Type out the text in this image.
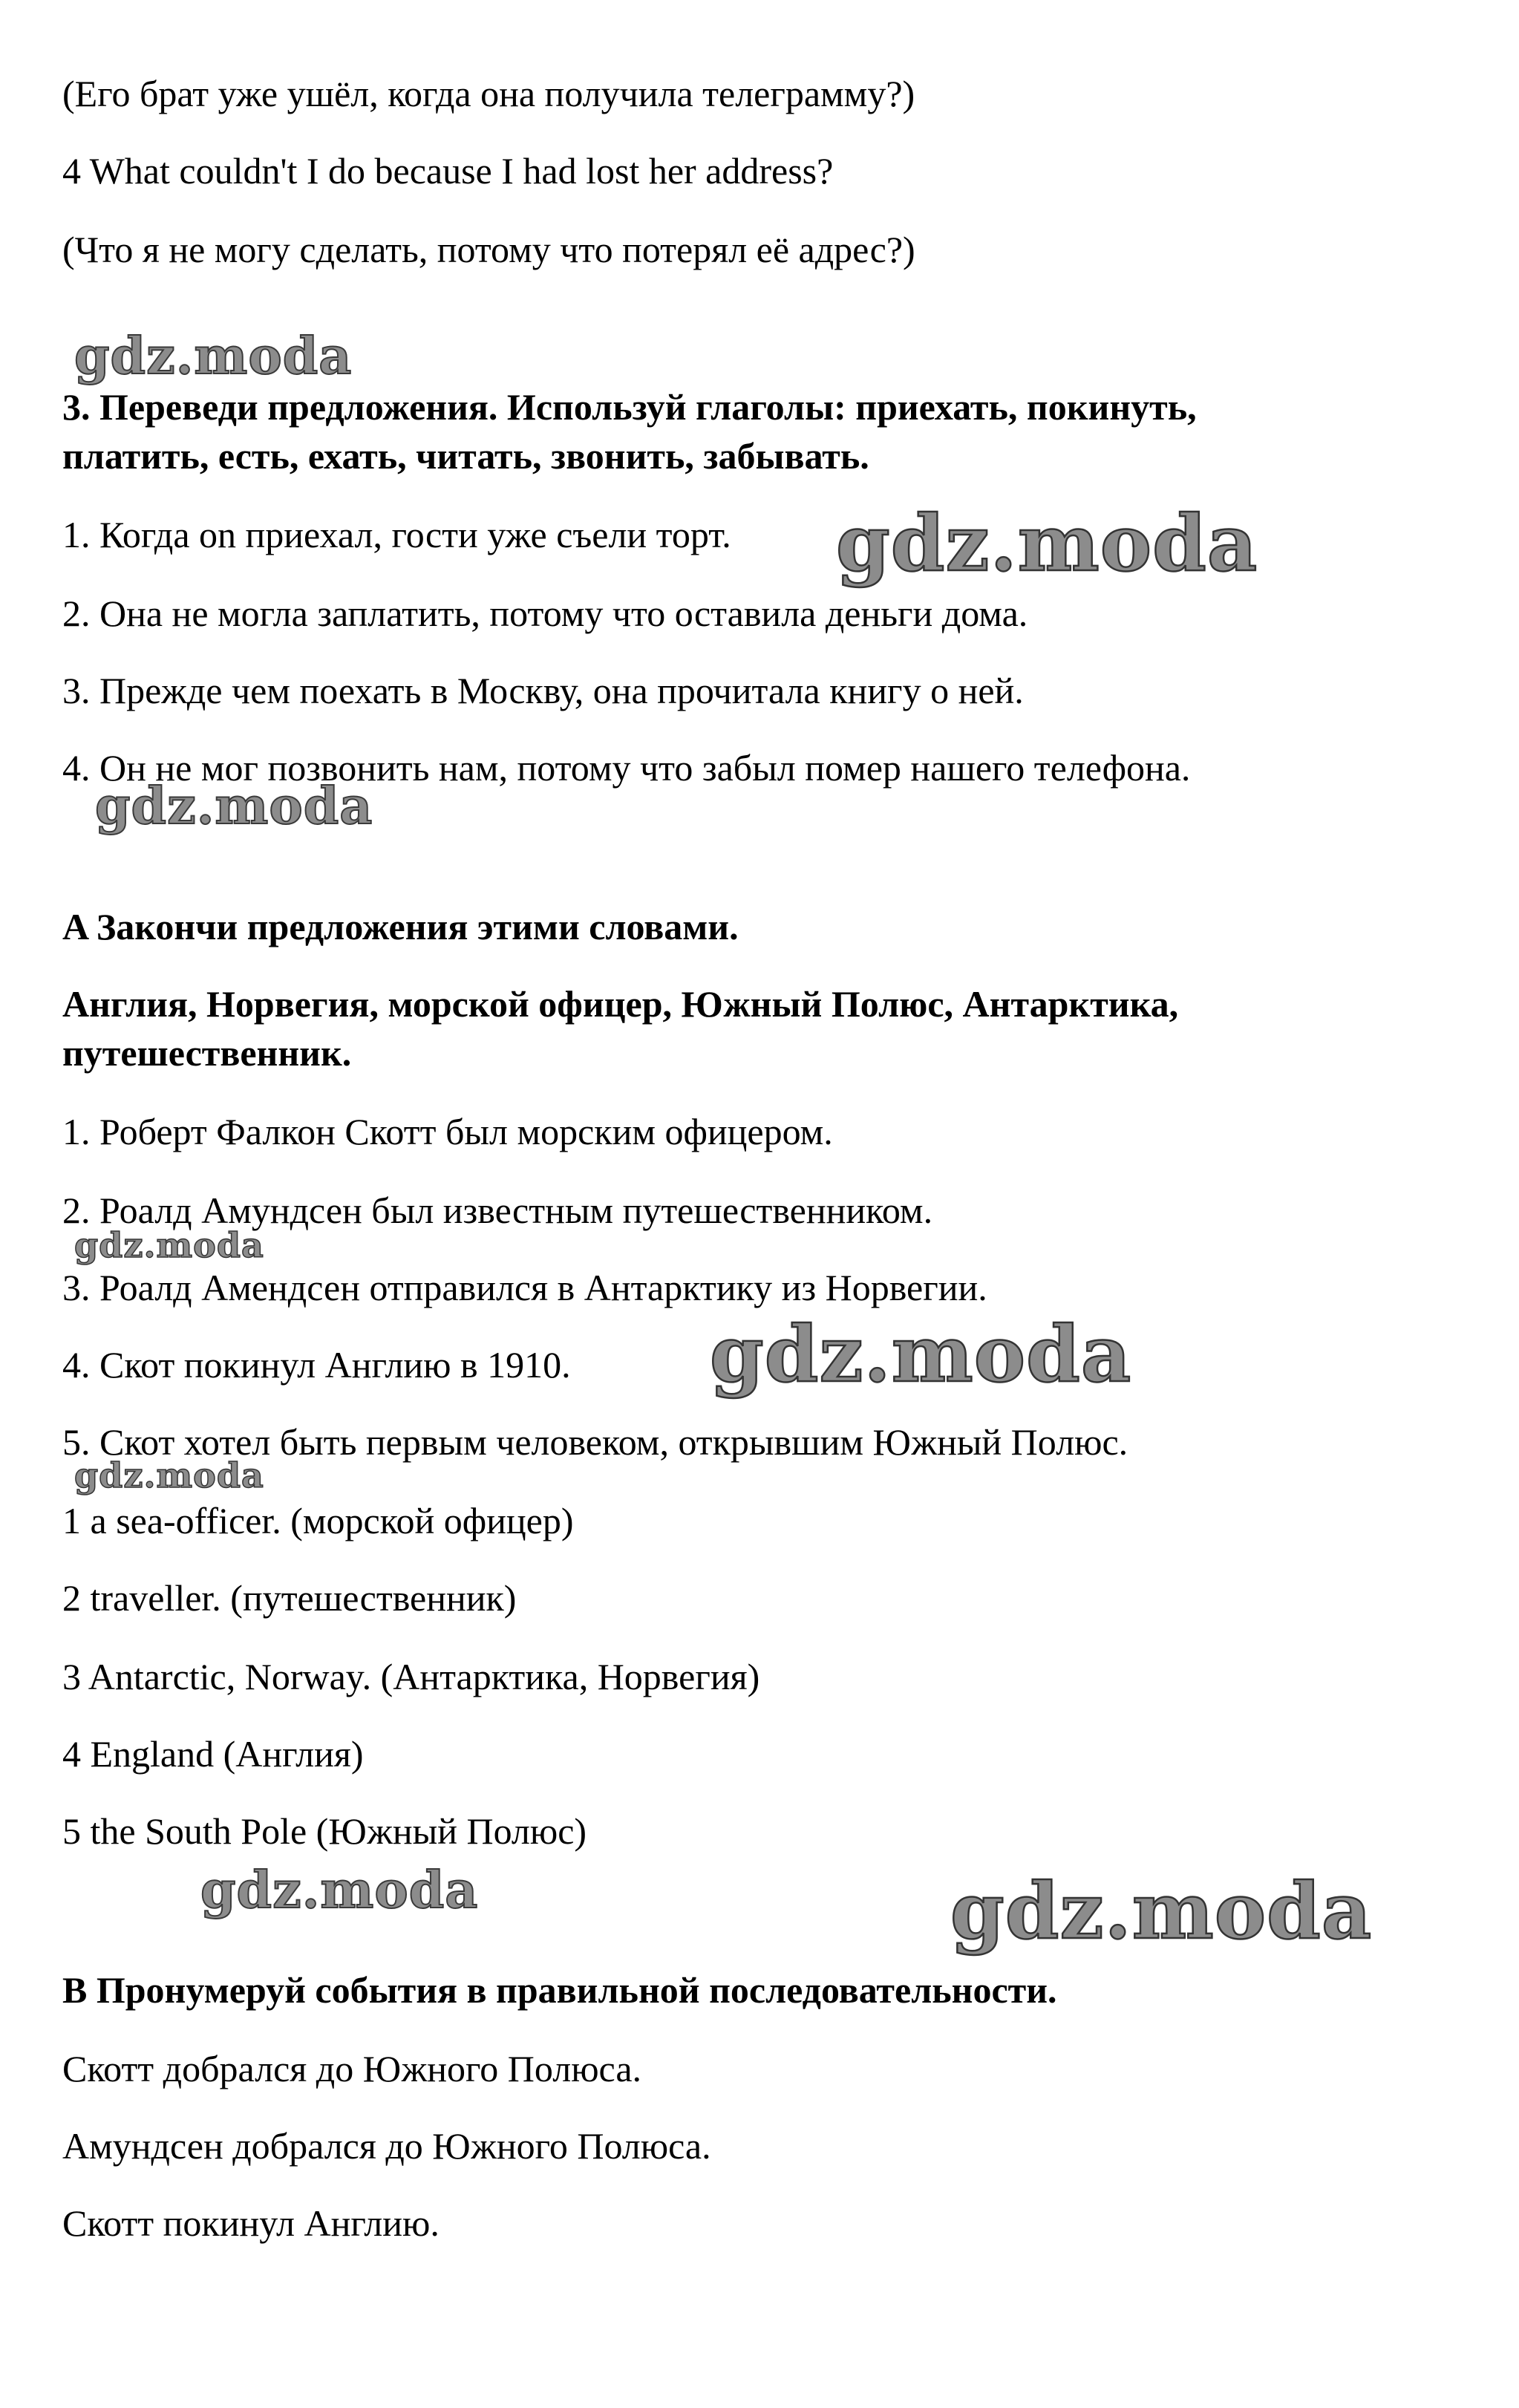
(Его брат уже ушёл, когда она получила телеграмму?)
4 What couldn't I do because I had lost her address?
(Что я не могу сделать, потому что потерял её адрес?)
3. Переведи предложения. Используй глаголы: приехать, покинуть,
платить, есть, ехать, читать, звонить, забывать.
1. Когда on приехал, гости уже съели торт.
2. Она не могла заплатить, потому что оставила деньги дома.
3. Прежде чем поехать в Москву, она прочитала книгу о ней.
4. Он не мог позвонить нам, потому что забыл помер нашего телефона.
A Закончи предложения этими словами.
Англия, Норвегия, морской офицер, Южный Полюс, Антарктика,
путешественник.
1. Роберт Фалкон Скотт был морским офицером.
2. Роалд Амундсен был известным путешественником.
3. Роалд Амендсен отправился в Антарктику из Норвегии.
4. Скот покинул Англию в 1910.
5. Скот хотел быть первым человеком, открывшим Южный Полюс.
1 a sea-officer. (морской офицер)
2 traveller. (путешественник)
3 Antarctic, Norway. (Антарктика, Норвегия)
4 England (Англия)
5 the South Pole (Южный Полюс)
B Пронумеруй события в правильной последовательности.
Скотт добрался до Южного Полюса.
Амундсен добрался до Южного Полюса.
Скотт покинул Англию.
gdz.moda
gdz.moda
gdz.moda
gdz.moda
gdz.moda
gdz.moda
gdz.moda	gdz.moda
